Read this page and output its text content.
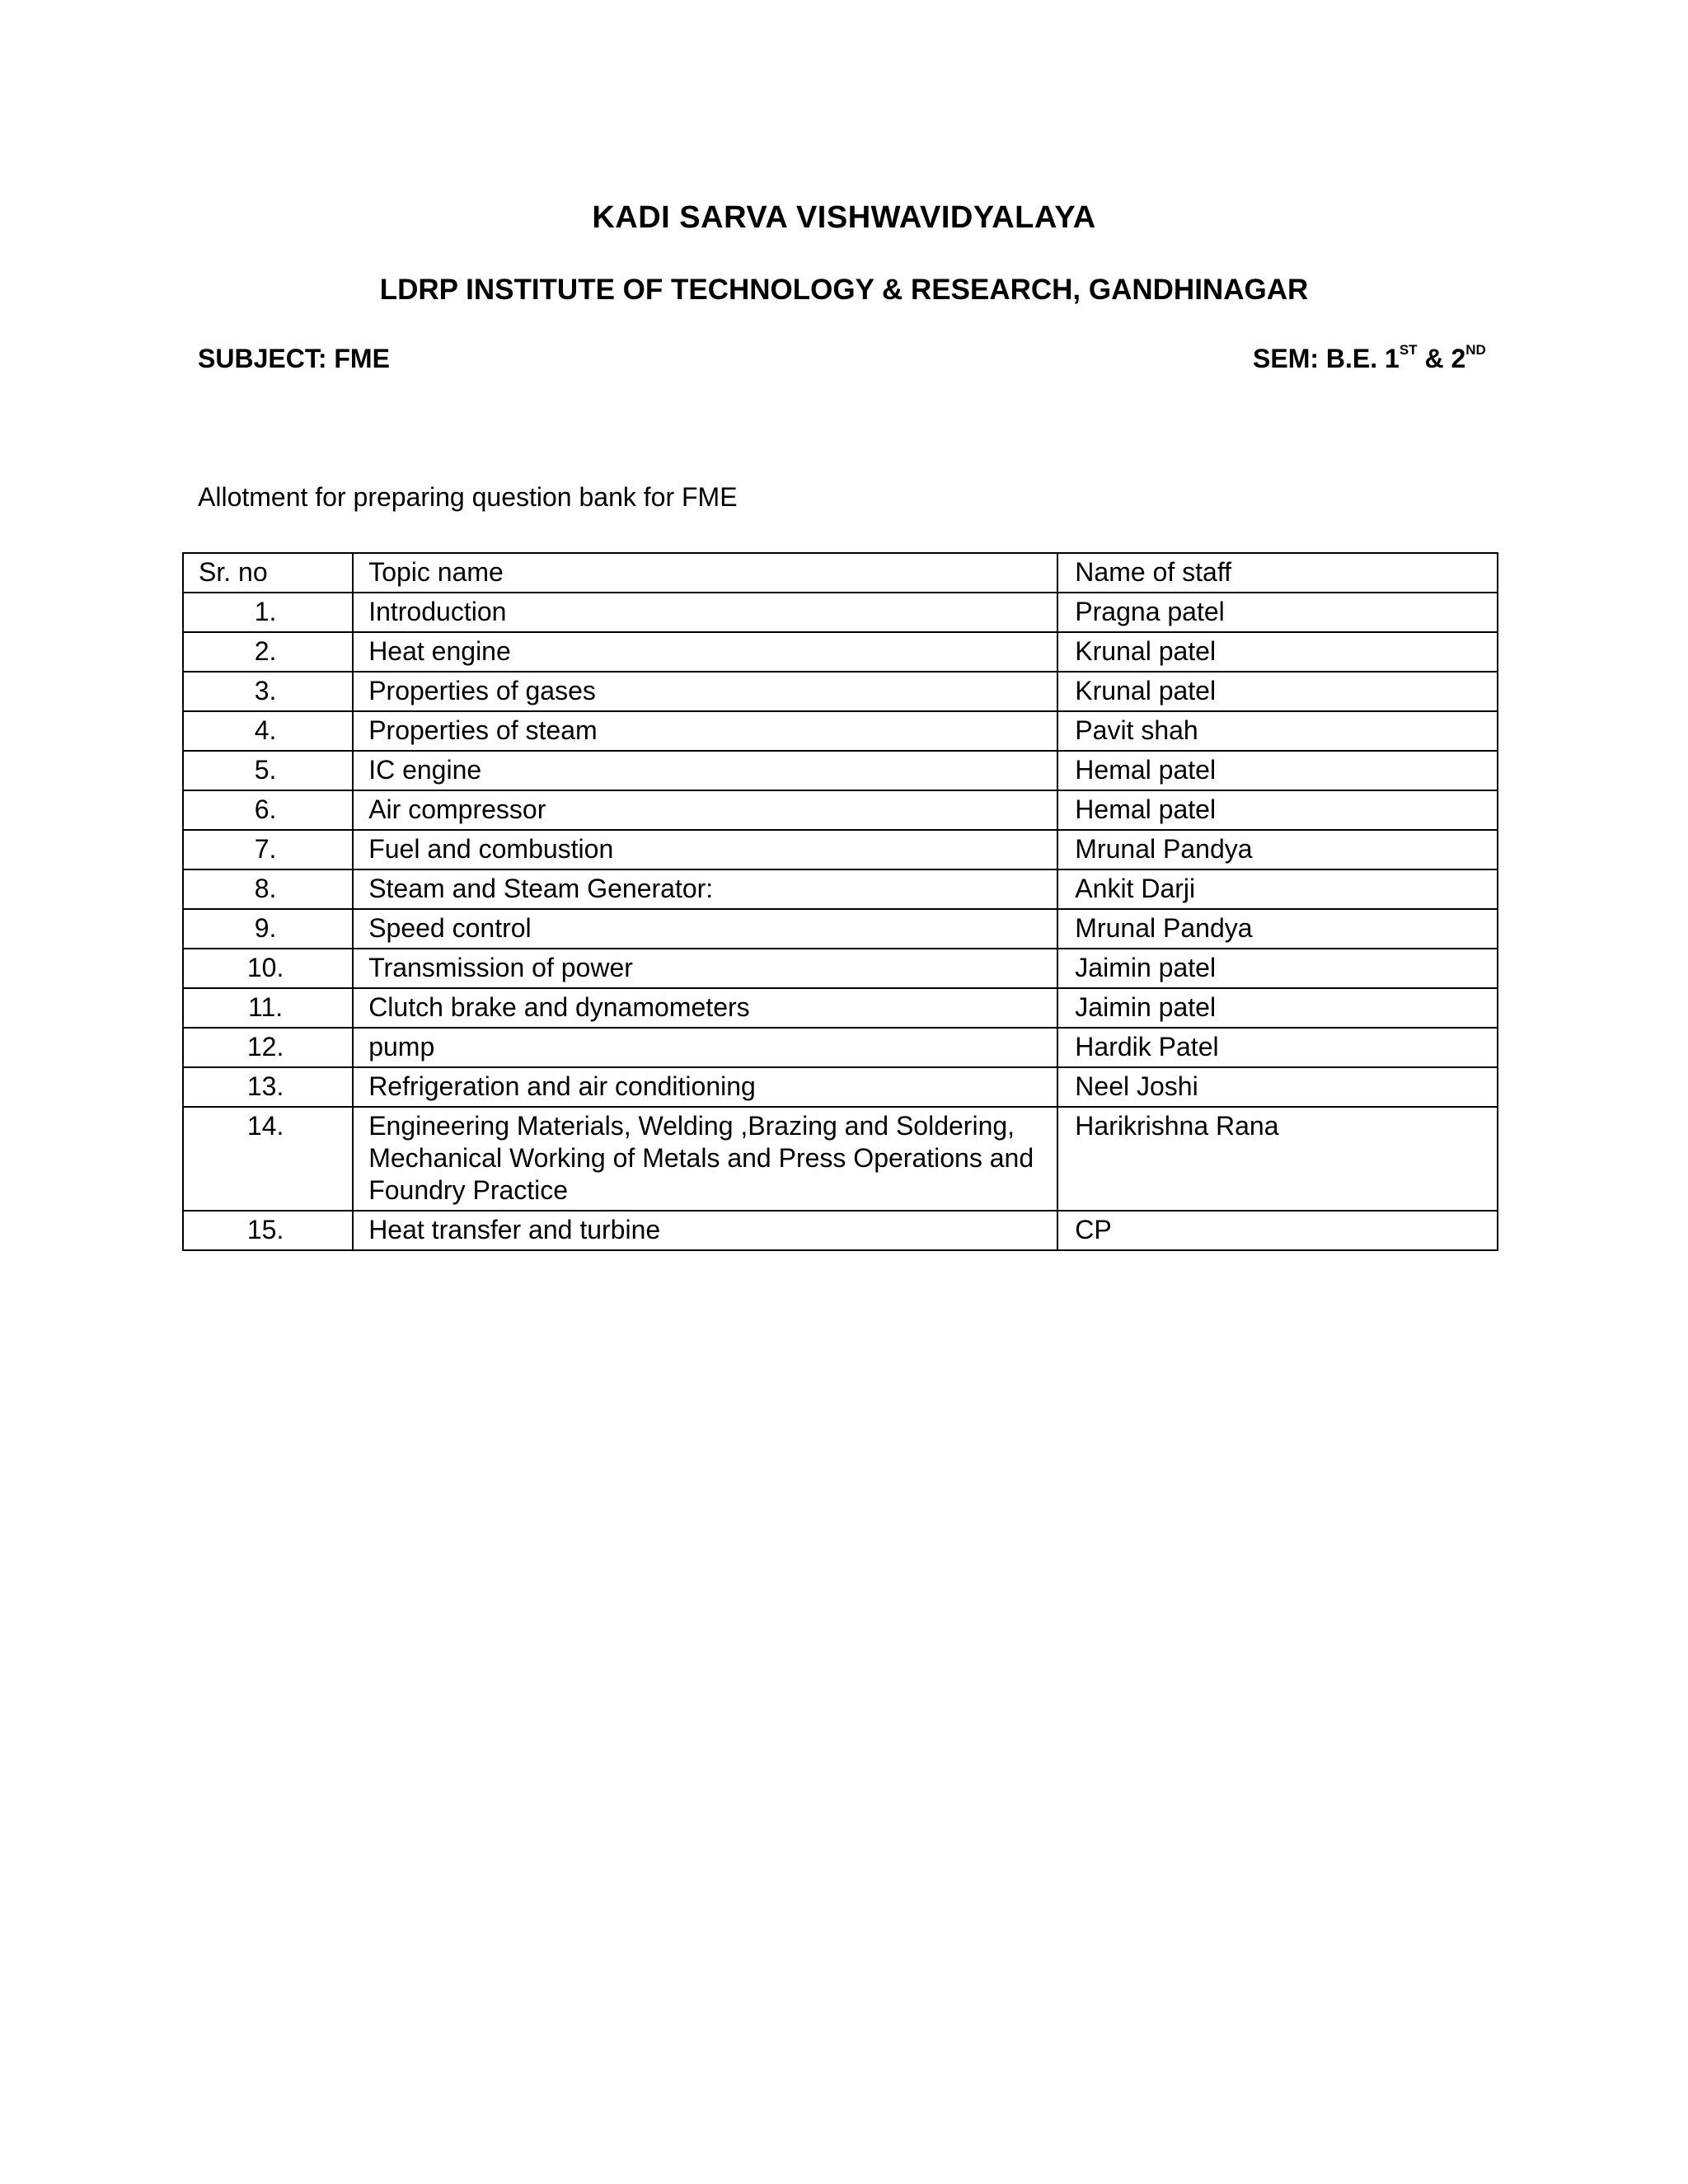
KADI SARVA VISHWAVIDYALAYA
LDRP INSTITUTE OF TECHNOLOGY & RESEARCH, GANDHINAGAR
SUBJECT: FME	SEM: B.E. 1ST & 2ND
Allotment for preparing question bank for FME
Sr. no	Topic name	Name of staff
1.	Introduction	Pragna patel
2.	Heat engine	Krunal patel
3.	Properties of gases	Krunal patel
4.	Properties of steam	Pavit shah
5.	IC engine	Hemal patel
6.	Air compressor	Hemal patel
7.	Fuel and combustion	Mrunal Pandya
8.	Steam and Steam Generator:	Ankit Darji
9.	Speed control	Mrunal Pandya
10.	Transmission of power	Jaimin patel
11.	Clutch brake and dynamometers	Jaimin patel
12.	pump	Hardik Patel
13.	Refrigeration and air conditioning	Neel Joshi
14.	Engineering Materials, Welding ,Brazing and Soldering, Mechanical Working of Metals and Press Operations and Foundry Practice	Harikrishna Rana
15.	Heat transfer and turbine	CP
